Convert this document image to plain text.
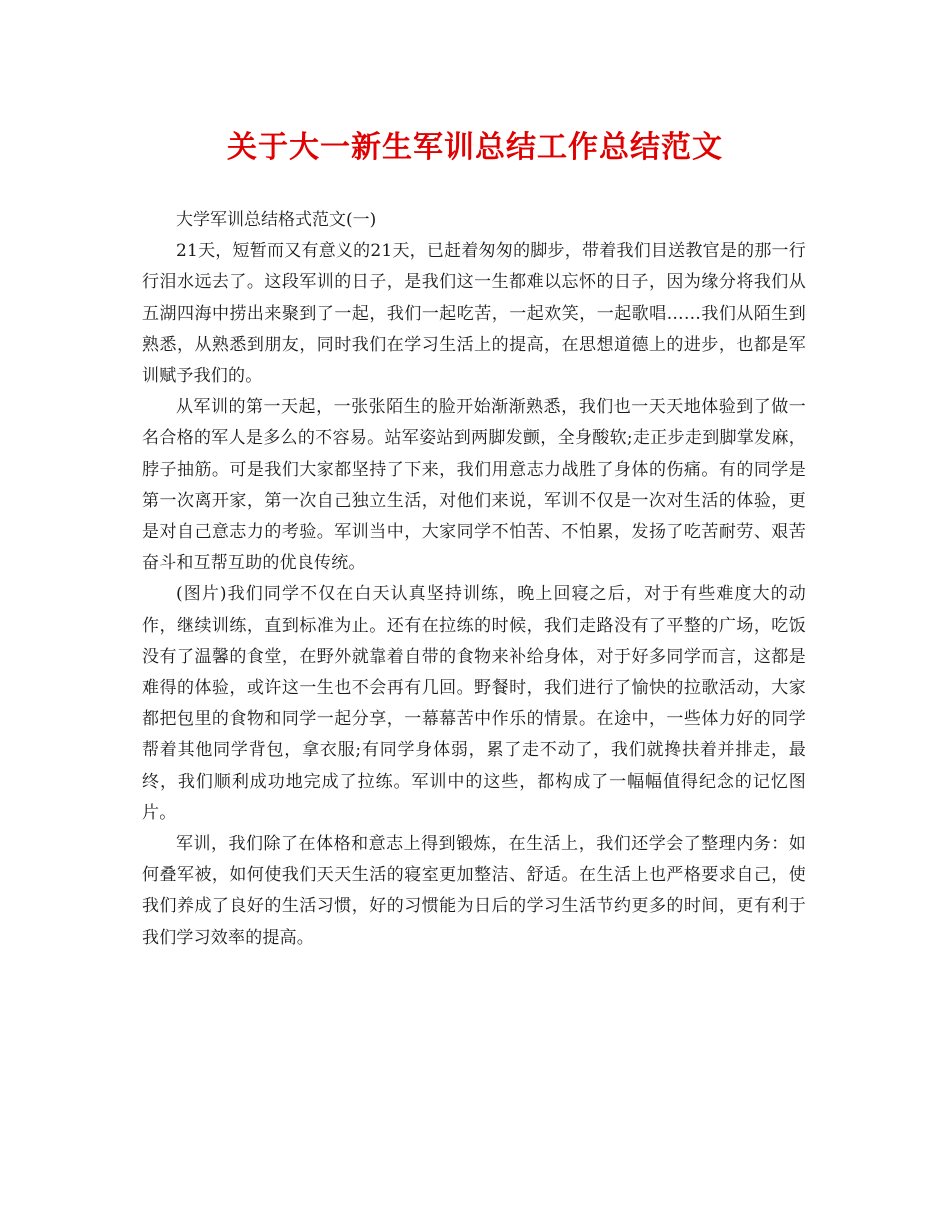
关于大一新生军训总结工作总结范文

大学军训总结格式范文(一)

21天，短暂而又有意义的21天，已赶着匆匆的脚步，带着我们目送教官是的那一行行泪水远去了。这段军训的日子，是我们这一生都难以忘怀的日子，因为缘分将我们从五湖四海中捞出来聚到了一起，我们一起吃苦，一起欢笑，一起歌唱……我们从陌生到熟悉，从熟悉到朋友，同时我们在学习生活上的提高，在思想道德上的进步，也都是军训赋予我们的。

从军训的第一天起，一张张陌生的脸开始渐渐熟悉，我们也一天天地体验到了做一名合格的军人是多么的不容易。站军姿站到两脚发颤，全身酸软;走正步走到脚掌发麻，脖子抽筋。可是我们大家都坚持了下来，我们用意志力战胜了身体的伤痛。有的同学是第一次离开家，第一次自己独立生活，对他们来说，军训不仅是一次对生活的体验，更是对自己意志力的考验。军训当中，大家同学不怕苦、不怕累，发扬了吃苦耐劳、艰苦奋斗和互帮互助的优良传统。

(图片)我们同学不仅在白天认真坚持训练，晚上回寝之后，对于有些难度大的动作，继续训练，直到标准为止。还有在拉练的时候，我们走路没有了平整的广场，吃饭没有了温馨的食堂，在野外就靠着自带的食物来补给身体，对于好多同学而言，这都是难得的体验，或许这一生也不会再有几回。野餐时，我们进行了愉快的拉歌活动，大家都把包里的食物和同学一起分享，一幕幕苦中作乐的情景。在途中，一些体力好的同学帮着其他同学背包，拿衣服;有同学身体弱，累了走不动了，我们就搀扶着并排走，最终，我们顺利成功地完成了拉练。军训中的这些，都构成了一幅幅值得纪念的记忆图片。

军训，我们除了在体格和意志上得到锻炼，在生活上，我们还学会了整理内务：如何叠军被，如何使我们天天生活的寝室更加整洁、舒适。在生活上也严格要求自己，使我们养成了良好的生活习惯，好的习惯能为日后的学习生活节约更多的时间，更有利于我们学习效率的提高。
